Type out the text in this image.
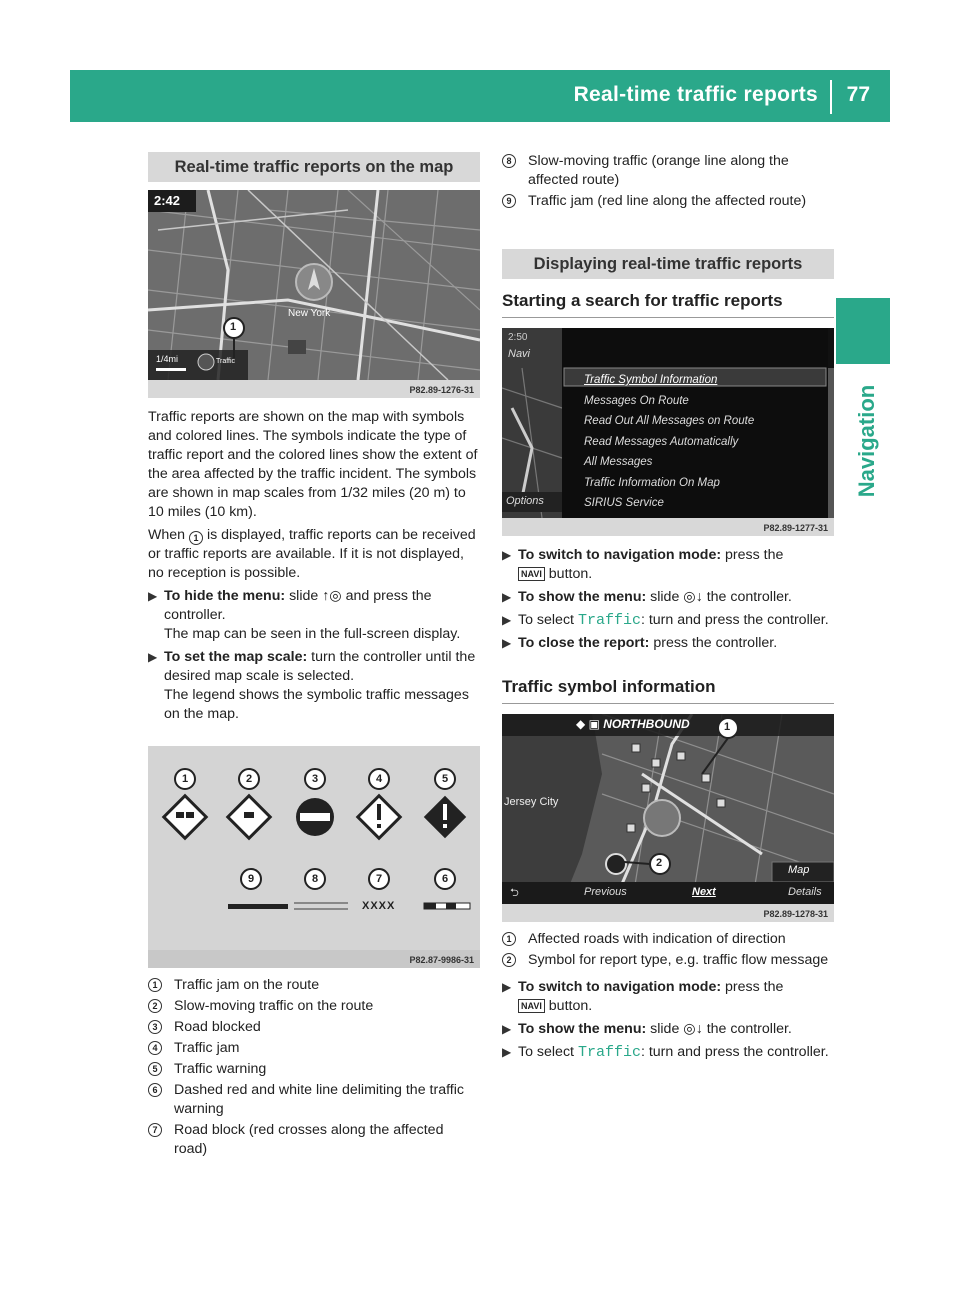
Real-time traffic reports 77
Navigation
Real-time traffic reports on the map
2:42
New York
1
1/4mi	Traffic
P82.89-1276-31

Traffic reports are shown on the map with symbols and colored lines. The symbols indicate the type of traffic report and the colored lines show the extent of the area affected by the traffic incident. The symbols are shown in map scales from 1/32 miles (20 m) to 10 miles (10 km).

When 1 is displayed, traffic reports can be received or traffic reports are available. If it is not displayed, no reception is possible.

▶ To hide the menu: slide ↑◎ and press the controller.
The map can be seen in the full-screen display.
▶ To set the map scale: turn the controller until the desired map scale is selected.
The legend shows the symbolic traffic messages on the map.
1	2	3	4	5
9	8	7	6
XXXX
P82.87-9986-31
1	Traffic jam on the route
2	Slow-moving traffic on the route
3	Road blocked
4	Traffic jam
5	Traffic warning
6	Dashed red and white line delimiting the traffic warning
7	Road block (red crosses along the affected road)
8	Slow-moving traffic (orange line along the affected route)
9	Traffic jam (red line along the affected route)
Displaying real-time traffic reports
Starting a search for traffic reports
2:50
Navi
Options
Traffic Symbol Information
Messages On Route
Read Out All Messages on Route
Read Messages Automatically
All Messages
Traffic Information On Map
SIRIUS Service
P82.89-1277-31
▶ To switch to navigation mode: press the
NAVI button.
▶ To show the menu: slide ◎↓ the controller.
▶ To select Traffic: turn and press the controller.
▶ To close the report: press the controller.
Traffic symbol information
◆ ▣ NORTHBOUND
Jersey City
1
2
Map
⮌	Previous	Next	Details
P82.89-1278-31
1	Affected roads with indication of direction
2	Symbol for report type, e.g. traffic flow message
▶ To switch to navigation mode: press the
NAVI button.
▶ To show the menu: slide ◎↓ the controller.
▶ To select Traffic: turn and press the controller.
